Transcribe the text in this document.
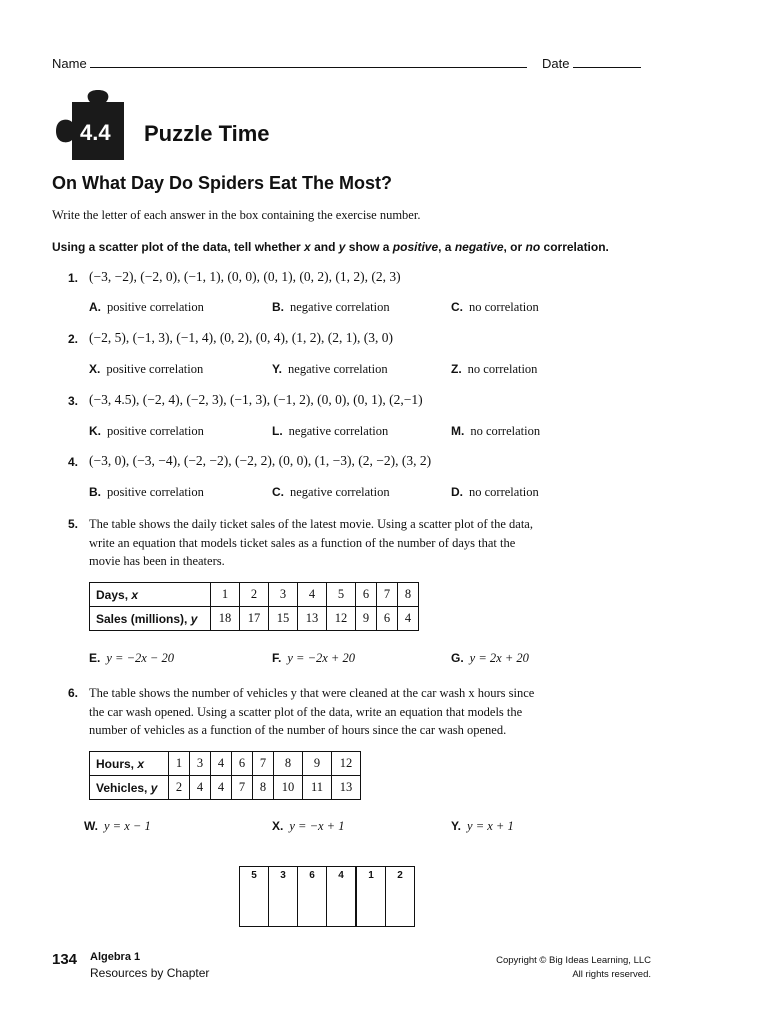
Name	Date
4.4 Puzzle Time
On What Day Do Spiders Eat The Most?
Write the letter of each answer in the box containing the exercise number.
Using a scatter plot of the data, tell whether x and y show a positive, a negative, or no correlation.
1. (−3, −2), (−2, 0), (−1, 1), (0, 0), (0, 1), (0, 2), (1, 2), (2, 3)
A. positive correlation	B. negative correlation	C. no correlation
2. (−2, 5), (−1, 3), (−1, 4), (0, 2), (0, 4), (1, 2), (2, 1), (3, 0)
X. positive correlation	Y. negative correlation	Z. no correlation
3. (−3, 4.5), (−2, 4), (−2, 3), (−1, 3), (−1, 2), (0, 0), (0, 1), (2,−1)
K. positive correlation	L. negative correlation	M. no correlation
4. (−3, 0), (−3, −4), (−2, −2), (−2, 2), (0, 0), (1, −3), (2, −2), (3, 2)
B. positive correlation	C. negative correlation	D. no correlation
5. The table shows the daily ticket sales of the latest movie. Using a scatter plot of the data,
write an equation that models ticket sales as a function of the number of days that the
movie has been in theaters.
Days, x	1	2	3	4	5	6	7	8
Sales (millions), y	18	17	15	13	12	9	6	4
E. y = −2x − 20	F. y = −2x + 20	G. y = 2x + 20
6. The table shows the number of vehicles y that were cleaned at the car wash x hours since
the car wash opened. Using a scatter plot of the data, write an equation that models the
number of vehicles as a function of the number of hours since the car wash opened.
Hours, x	1	3	4	6	7	8	9	12
Vehicles, y	2	4	4	7	8	10	11	13
W. y = x − 1	X. y = −x + 1	Y. y = x + 1
5	3	6	4	1	2
134 Algebra 1
Resources by Chapter
Copyright © Big Ideas Learning, LLC
All rights reserved.
